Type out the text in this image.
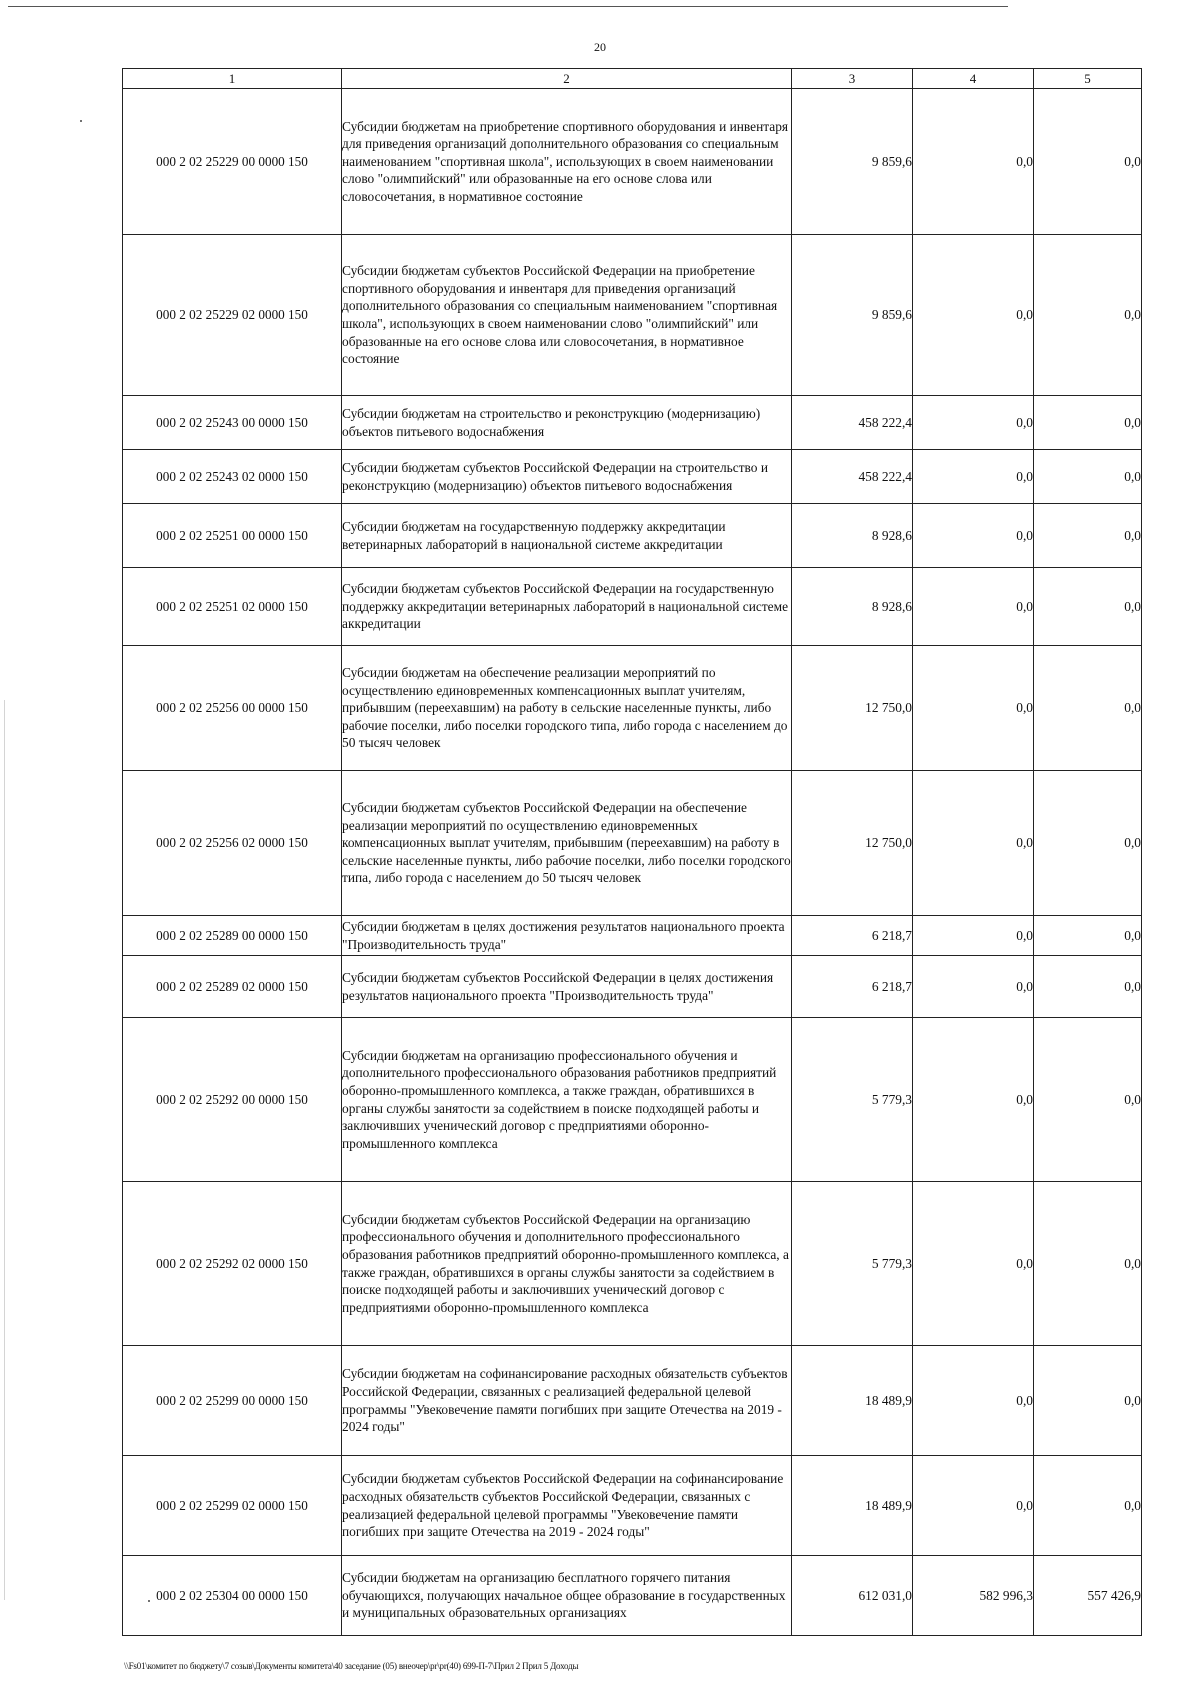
20
1	2	3	4	5
000 2 02 25229 00 0000 150	Субсидии бюджетам на приобретение спортивного оборудования и инвентаря для приведения организаций дополнительного образования со специальным наименованием "спортивная школа", использующих в своем наименовании слово "олимпийский" или образованные на его основе слова или словосочетания, в нормативное состояние	9 859,6	0,0	0,0
000 2 02 25229 02 0000 150	Субсидии бюджетам субъектов Российской Федерации на приобретение спортивного оборудования и инвентаря для приведения организаций дополнительного образования со специальным наименованием "спортивная школа", использующих в своем наименовании слово "олимпийский" или образованные на его основе слова или словосочетания, в нормативное состояние	9 859,6	0,0	0,0
000 2 02 25243 00 0000 150	Субсидии бюджетам на строительство и реконструкцию (модернизацию) объектов питьевого водоснабжения	458 222,4	0,0	0,0
000 2 02 25243 02 0000 150	Субсидии бюджетам субъектов Российской Федерации на строительство и реконструкцию (модернизацию) объектов питьевого водоснабжения	458 222,4	0,0	0,0
000 2 02 25251 00 0000 150	Субсидии бюджетам на государственную поддержку аккредитации ветеринарных лабораторий в национальной системе аккредитации	8 928,6	0,0	0,0
000 2 02 25251 02 0000 150	Субсидии бюджетам субъектов Российской Федерации на государственную поддержку аккредитации ветеринарных лабораторий в национальной системе аккредитации	8 928,6	0,0	0,0
000 2 02 25256 00 0000 150	Субсидии бюджетам на обеспечение реализации мероприятий по осуществлению единовременных компенсационных выплат учителям, прибывшим (переехавшим) на работу в сельские населенные пункты, либо рабочие поселки, либо поселки городского типа, либо города с населением до 50 тысяч человек	12 750,0	0,0	0,0
000 2 02 25256 02 0000 150	Субсидии бюджетам субъектов Российской Федерации на обеспечение реализации мероприятий по осуществлению единовременных компенсационных выплат учителям, прибывшим (переехавшим) на работу в сельские населенные пункты, либо рабочие поселки, либо поселки городского типа, либо города с населением до 50 тысяч человек	12 750,0	0,0	0,0
000 2 02 25289 00 0000 150	Субсидии бюджетам в целях достижения результатов национального проекта "Производительность труда"	6 218,7	0,0	0,0
000 2 02 25289 02 0000 150	Субсидии бюджетам субъектов Российской Федерации в целях достижения результатов национального проекта "Производительность труда"	6 218,7	0,0	0,0
000 2 02 25292 00 0000 150	Субсидии бюджетам на организацию профессионального обучения и дополнительного профессионального образования работников предприятий оборонно-промышленного комплекса, а также граждан, обратившихся в органы службы занятости за содействием в поиске подходящей работы и заключивших ученический договор с предприятиями оборонно-промышленного комплекса	5 779,3	0,0	0,0
000 2 02 25292 02 0000 150	Субсидии бюджетам субъектов Российской Федерации на организацию профессионального обучения и дополнительного профессионального образования работников предприятий оборонно-промышленного комплекса, а также граждан, обратившихся в органы службы занятости за содействием в поиске подходящей работы и заключивших ученический договор с предприятиями оборонно-промышленного комплекса	5 779,3	0,0	0,0
000 2 02 25299 00 0000 150	Субсидии бюджетам на софинансирование расходных обязательств субъектов Российской Федерации, связанных с реализацией федеральной целевой программы "Увековечение памяти погибших при защите Отечества на 2019 - 2024 годы"	18 489,9	0,0	0,0
000 2 02 25299 02 0000 150	Субсидии бюджетам субъектов Российской Федерации на софинансирование расходных обязательств субъектов Российской Федерации, связанных с реализацией федеральной целевой программы "Увековечение памяти погибших при защите Отечества на 2019 - 2024 годы"	18 489,9	0,0	0,0
000 2 02 25304 00 0000 150	Субсидии бюджетам на организацию бесплатного горячего питания обучающихся, получающих начальное общее образование в государственных и муниципальных образовательных организациях	612 031,0	582 996,3	557 426,9
\\Fs01\комитет по бюджету\7 созыв\Документы комитета\40 заседание (05) внеочер\pr\pr(40) 699-П-7\Прил 2 Прил 5 Доходы
